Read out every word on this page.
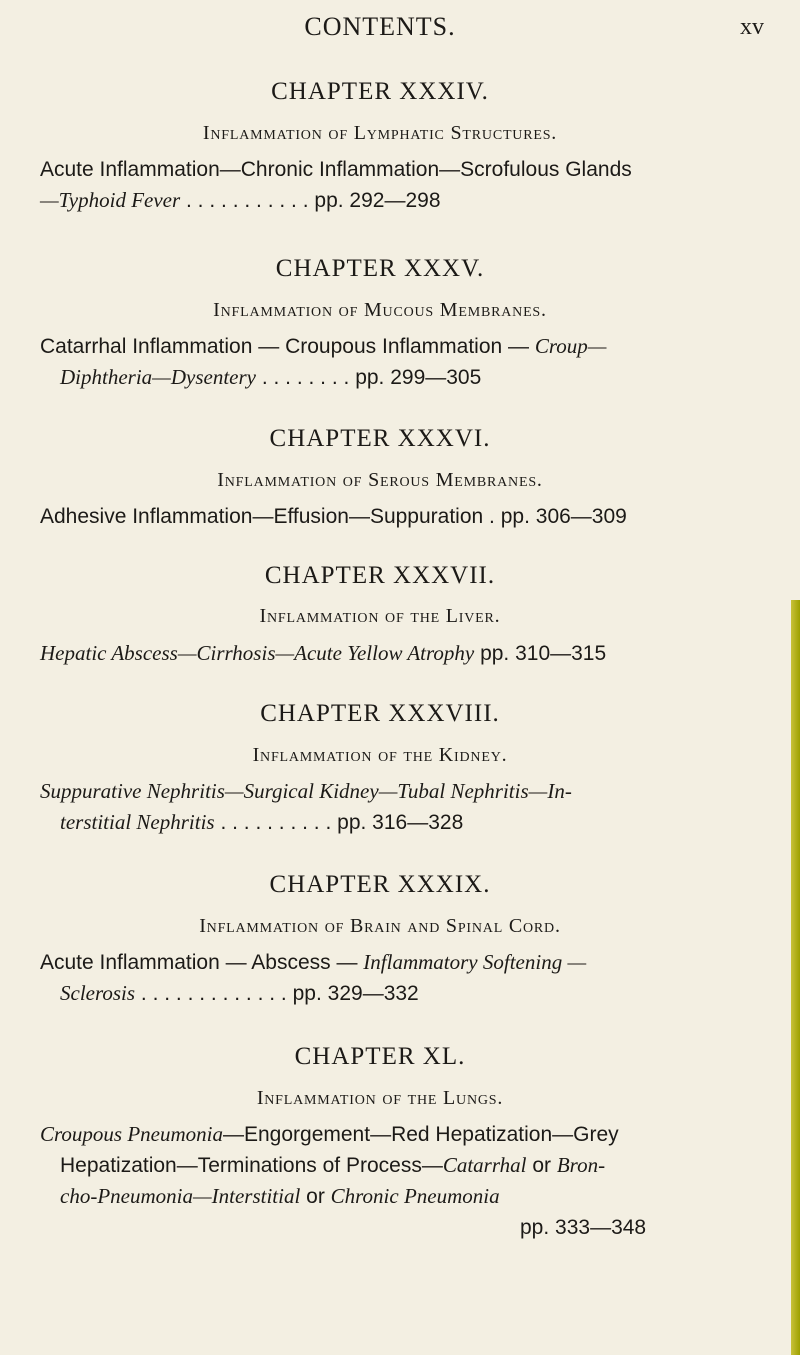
CONTENTS.	xv
CHAPTER XXXIV.
Inflammation of Lymphatic Structures.
Acute Inflammation—Chronic Inflammation—Scrofulous Glands
—Typhoid Fever . . . . . . . . . . . pp. 292—298
CHAPTER XXXV.
Inflammation of Mucous Membranes.
Catarrhal Inflammation — Croupous Inflammation — Croup—
Diphtheria—Dysentery . . . . . . . . pp. 299—305
CHAPTER XXXVI.
Inflammation of Serous Membranes.
Adhesive Inflammation—Effusion—Suppuration . pp. 306—309
CHAPTER XXXVII.
Inflammation of the Liver.
Hepatic Abscess—Cirrhosis—Acute Yellow Atrophy pp. 310—315
CHAPTER XXXVIII.
Inflammation of the Kidney.
Suppurative Nephritis—Surgical Kidney—Tubal Nephritis—In-
terstitial Nephritis . . . . . . . . . . pp. 316—328
CHAPTER XXXIX.
Inflammation of Brain and Spinal Cord.
Acute Inflammation — Abscess — Inflammatory Softening —
Sclerosis . . . . . . . . . . . . . pp. 329—332
CHAPTER XL.
Inflammation of the Lungs.
Croupous Pneumonia—Engorgement—Red Hepatization—Grey
Hepatization—Terminations of Process—Catarrhal or Bron-
cho-Pneumonia—Interstitial or Chronic Pneumonia
pp. 333—348
